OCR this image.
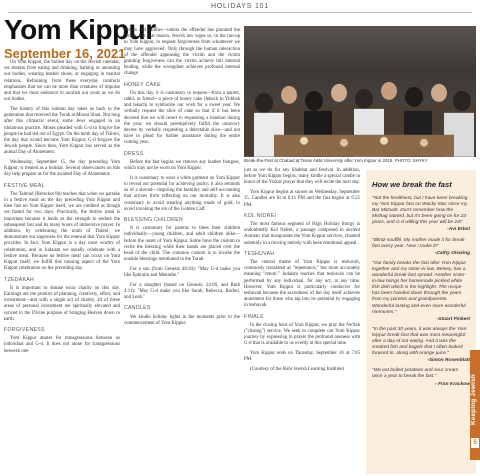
HOLIDAYS 101
Yom Kippur
September 16, 2021

On Yom Kippur, the holiest day on the Jewish calendar, we abstain from eating and drinking, bathing or anointing our bodies, wearing leather shoes, or engaging in marital relations. Refraining from these everyday comforts emphasizes that we can be more than creatures of impulse and that we must endeavor to nourish our souls as we do our bodies.

The history of this solemn day takes us back to the generation that received the Torah at Mount Sinai. Not long after this climactic event, some Jews engaged in an idolatrous practice. Moses pleaded with G-d to forgive the people he had led out of Egypt. On the tenth day of Tishrei, the day that would become Yom Kippur, G-d forgave the Jewish people. Since then, Yom Kippur has served as the annual Day of Atonement.

Wednesday, September 15, the day preceding Yom Kippur, is treated as a holiday. Several observances on this day help prepare us for the awaited Day of Atonement:

FESTIVE MEAL

The Talmud (Berachot 8b) teaches that when we partake in a festive meal on the day preceding Yom Kippur and then fast on Yom Kippur itself, we are credited as though we fasted for two days. Practically, the festive meal is important because it lends us the strength to endure the subsequent fast and its many hours of immersive prayer. In addition, by celebrating the ninth of Tishrei, we demonstrate our eagerness for the renewal that Yom Kippur provides. In fact, Yom Kippur is a day most worthy of celebration, and in Judaism we usually celebrate with a festive meal. Because no festive meal can occur on Yom Kippur itself, we fulfill this missing aspect of the Yom Kippur celebration on the preceding day.

TZEDAKAH

It is important to donate extra charity on this day. Earnings are the product of planning, creativity, effort, and investment—and with a single act of charity, all of these areas of personal investment are spiritually elevated and synced to the Divine purpose of bringing Heaven down to earth.

FORGIVENESS

Yom Kippur atones for transgressions between us individual and G-d. It does not atone for transgressions between one

person and another—unless the offender has placated the victim. For that reason, Jewish law urges us, in the run-up to Yom Kippur, to request forgiveness from whomever we may have aggrieved. Only through the human interaction of the offender appeasing the victim and the victim granting forgiveness can the victim achieve full internal healing, while the wrongdoer achieves profound internal change.

HONEY CAKE

On this day, it is customary to request—from a parent, rabbi, or friend—a piece of honey cake (lekach in Yiddish and lekach) to symbolize our wish for a sweet year. We verbally request the slice of cake so that if it has been decreed that we will resort to requesting a handout during the year, we should preemptively fulfill the unsavory decree by verbally requesting a delectable slice—and not have to plead for further assistance during the entire coming year.

DRESS

Before the fast begins we remove any leather footgear, which may not be worn on Yom Kippur.

It is customary to wear a white garment on Yom Kippur to reveal our potential for achieving purity; it also reminds us of a shroud—inspiring the humility and self-accounting that arrives from reflecting on our mortality. It is also customary to avoid wearing anything made of gold, to avoid invoking the sin of the Golden Calf.

BLESSING CHILDREN

It is customary for parents to bless their children individually—young children, and adult children alike—before the onset of Yom Kippur. Some have the custom to recite the blessing while their hands are placed over the head of the child. The common custom is to invoke the notable blessings mentioned in the Torah:

For a son (from Genesis 48:20): "May G-d make you like Ephraim and Menashe."

For a daughter (based on Genesis, 24:60, and Ruth 4:11): "May G-d make you like Sarah, Rebecca, Rachel, and Leah."

CANDLES

We kindle holiday lights in the moments prior to the commencement of Yom Kippur;

Break-the-Fast at Chabad at Texas A&M University after Yom Kippur in 2019. PHOTO: SHYKY

just as we do for any Shabbat and festival. In addition, before Yom Kippur begins, many kindle a special candle in honor of the Yizkor prayer that they will recite the next day.

Yom Kippur begins at sunset on Wednesday, September 15. Candles are lit at 6:11 PM and the fast begins at 6:25 PM.

KOL NIDREI

The most famous segment of High Holiday liturgy is undoubtedly Kol Nidrei, a passage composed in ancient Aramaic that inaugurates the Yom Kippur services, chanted solemnly in a moving melody with keen emotional appeal.

TESHUVAH

The central theme of Yom Kippur is teshuvah, commonly translated as "repentance," but more accurately meaning "return." Judaism teaches that teshuvah can be performed by any individual, for any act, at any time. However, Yom Kippur is particularly conducive for teshuvah because the sacredness of the day itself achieves atonement for those who tap into its potential by engaging in teshuvah.

FINALE

In the closing hour of Yom Kippur, we pray the Ne'ilah ("closing") service. We seek to complete our Yom Kippur journey by expressing in prayer the profound oneness with G-d that is available to us overtly at this special time.

Yom Kippur ends on Thursday, September 16 at 7:05 PM.

(Courtesy of the Rohr Jewish Learning Institute)

How we break the fast
"Not the healthiest, but I have been breaking my Yom Kippur fast on Wacky Mac since my Bar Mitzvah. Don't remember how the Mishag started, but it's been going on for 23 years, and G-d willing this year will be 24!"
-Avi Erbst
"Blintz soufflé. My mother made it for break-fast every year. Now I make it!"
-Cathy Olswing
"Our family breaks the fast after Yom Kippur together and my sister-in-law, Betsey, has a wonderful break-fast spread. Another sister-in-law brings her homemade pickled white fish dish which is the highlight. The recipe has been handed down through the years from my parents and grandparents. Wonderful tasting and even more wonderful memories."
-Stuart Pinkert
"In the past 30 years, it was always the Yom Kippur break-fast that was most meaningful after a day of not eating. And it was the smoked fish and bagels that I often looked forward to, along with orange juice."
-Simon Rosenblatt
"We eat boiled potatoes and sour cream once a year to break the fast."
- Fran Krackow Keeping Jewish
5
